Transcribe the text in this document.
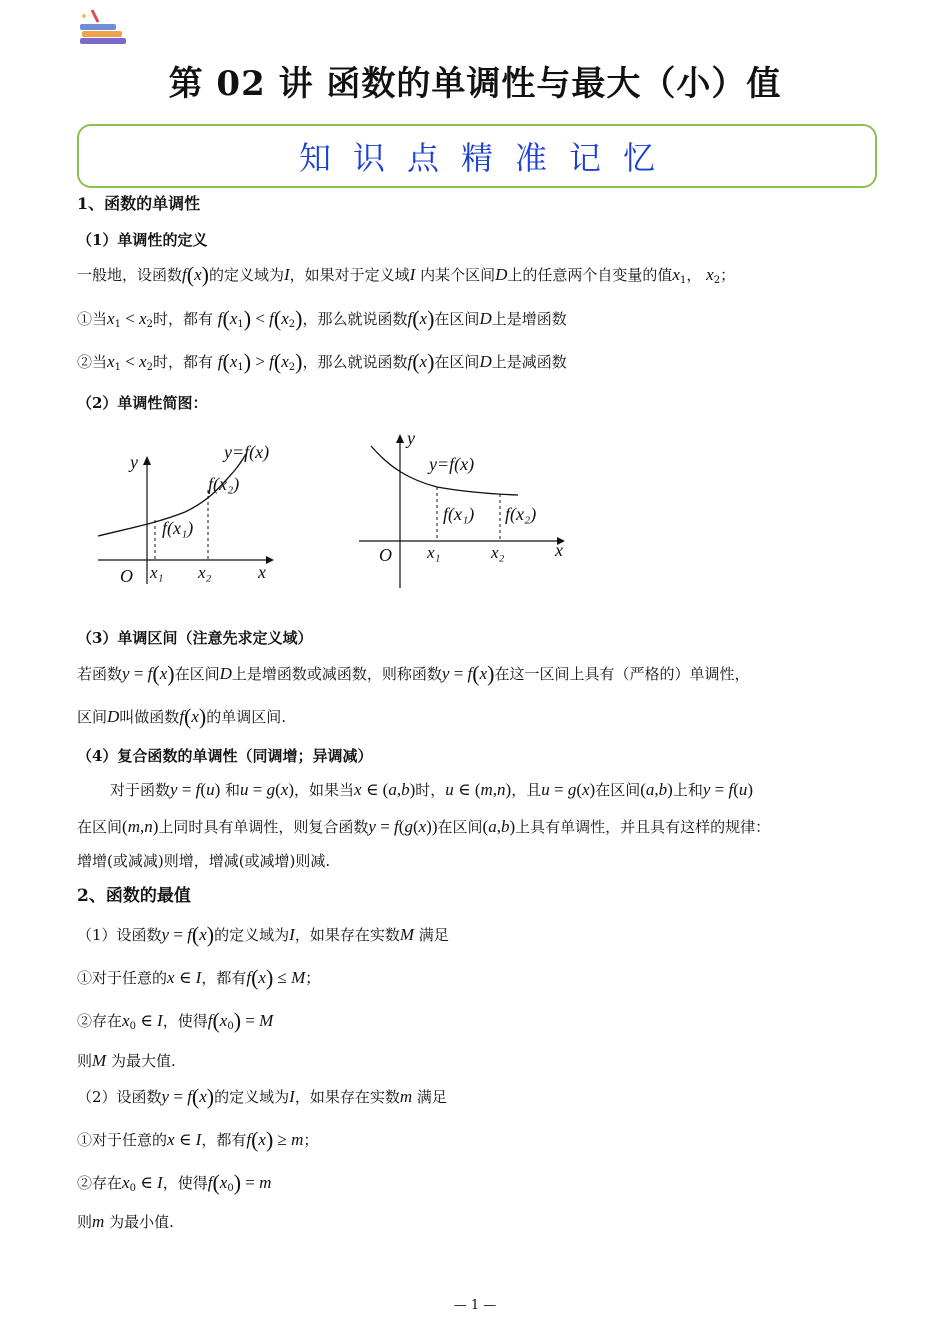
第 02 讲 函数的单调性与最大（小）值
知识点精准记忆
1、函数的单调性
（1）单调性的定义
一般地，设函数f(x)的定义域为I，如果对于定义域I 内某个区间D上的任意两个自变量的值$x_1$， $x_2$；
①当$x_1 < x_2$时，都有 $f(x_1) < f(x_2)$，那么就说函数f(x)在区间D上是增函数
②当$x_1 < x_2$时，都有 $f(x_1) > f(x_2)$，那么就说函数f(x)在区间D上是减函数
（2）单调性简图：
y
x
O
y=f(x)
f(x₁)
f(x₂)
x₁ x₂
y
x
O
y=f(x)
f(x₁) f(x₂)
x₁	x₂
（3）单调区间（注意先求定义域）
若函数y = f(x)在区间D上是增函数或减函数，则称函数y = f(x)在这一区间上具有（严格的）单调性，
区间D叫做函数f(x)的单调区间.
（4）复合函数的单调性（同调增；异调减）
对于函数y = f(u) 和u = g(x)，如果当x ∈ (a,b)时，u ∈ (m,n)，且u = g(x)在区间(a,b)上和y = f(u)
在区间(m,n)上同时具有单调性，则复合函数y = f(g(x))在区间(a,b)上具有单调性，并且具有这样的规律：
增增(或减减)则增，增减(或减增)则减.
2、函数的最值
（1）设函数y = f(x)的定义域为I，如果存在实数M 满足
①对于任意的x ∈ I，都有f(x) ≤ M；
②存在$x_0$ ∈ I，使得$f(x_0) = M$
则M 为最大值.
（2）设函数y = f(x)的定义域为I，如果存在实数m 满足
①对于任意的x ∈ I，都有f(x) ≥ m；
②存在$x_0$ ∈ I，使得$f(x_0) = m$
则m 为最小值.
— 1 —
